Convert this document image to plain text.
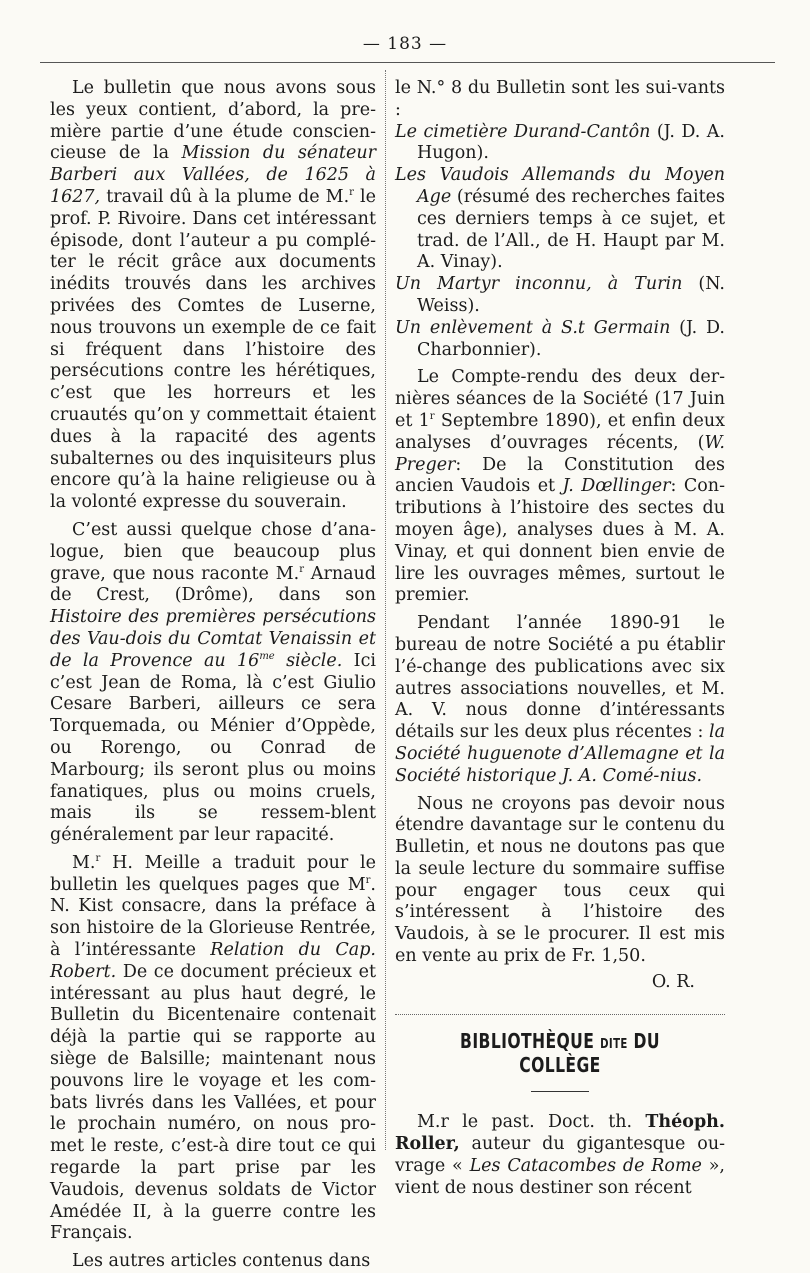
— 183 —

Le bulletin que nous avons sous les yeux contient, d’abord, la pre-mière partie d’une étude conscien-cieuse de la Mission du sénateur Barberi aux Vallées, de 1625 à 1627, travail dû à la plume de M.$^r$ le prof. P. Rivoire. Dans cet intéressant épisode, dont l’auteur a pu complé-ter le récit grâce aux documents inédits trouvés dans les archives privées des Comtes de Luserne, nous trouvons un exemple de ce fait si fréquent dans l’histoire des persécutions contre les hérétiques, c’est que les horreurs et les cruautés qu’on y commettait étaient dues à la rapacité des agents subalternes ou des inquisiteurs plus encore qu’à la haine religieuse ou à la volonté expresse du souverain.

C’est aussi quelque chose d’ana-logue, bien que beaucoup plus grave, que nous raconte M.$^r$ Arnaud de Crest, (Drôme), dans son Histoire des premières persécutions des Vau-dois du Comtat Venaissin et de la Provence au $16^{me}$ siècle. Ici c’est Jean de Roma, là c’est Giulio Cesare Barberi, ailleurs ce sera Torquemada, ou Ménier d’Oppède, ou Rorengo, ou Conrad de Marbourg; ils seront plus ou moins fanatiques, plus ou moins cruels, mais ils se ressem-blent généralement par leur rapacité.

M.$^r$ H. Meille a traduit pour le bulletin les quelques pages que $M^r$. N. Kist consacre, dans la préface à son histoire de la Glorieuse Rentrée, à l’intéressante Relation du Cap. Robert. De ce document précieux et intéressant au plus haut degré, le Bulletin du Bicentenaire contenait déjà la partie qui se rapporte au siège de Balsille; maintenant nous pouvons lire le voyage et les com-bats livrés dans les Vallées, et pour le prochain numéro, on nous pro-met le reste, c’est-à dire tout ce qui regarde la part prise par les Vaudois, devenus soldats de Victor Amédée II, à la guerre contre les Français.

Les autres articles contenus dans

le N.° 8 du Bulletin sont les sui-vants :

Le cimetière Durand-Cantôn (J. D. A. Hugon).

Les Vaudois Allemands du Moyen Age (résumé des recherches faites ces derniers temps à ce sujet, et trad. de l’All., de H. Haupt par M. A. Vinay).

Un Martyr inconnu, à Turin (N. Weiss).

Un enlèvement à S.t Germain (J. D. Charbonnier).

Le Compte-rendu des deux der-nières séances de la Société (17 Juin et 1$^r$ Septembre 1890), et enfin deux analyses d’ouvrages récents, (W. Preger: De la Constitution des ancien Vaudois et J. Dœllinger: Con-tributions à l’histoire des sectes du moyen âge), analyses dues à M. A. Vinay, et qui donnent bien envie de lire les ouvrages mêmes, surtout le premier.

Pendant l’année 1890-91 le bureau de notre Société a pu établir l’é-change des publications avec six autres associations nouvelles, et M. A. V. nous donne d’intéressants détails sur les deux plus récentes : la Société huguenote d’Allemagne et la Société historique J. A. Comé-nius.

Nous ne croyons pas devoir nous étendre davantage sur le contenu du Bulletin, et nous ne doutons pas que la seule lecture du sommaire suffise pour engager tous ceux qui s’intéressent à l’histoire des Vaudois, à se le procurer. Il est mis en vente au prix de Fr. 1,50.

O. R.

BIBLIOTHÈQUE DITE DU COLLÈGE

M.r le past. Doct. th. Théoph. Roller, auteur du gigantesque ou-vrage « Les Catacombes de Rome », vient de nous destiner son récent
